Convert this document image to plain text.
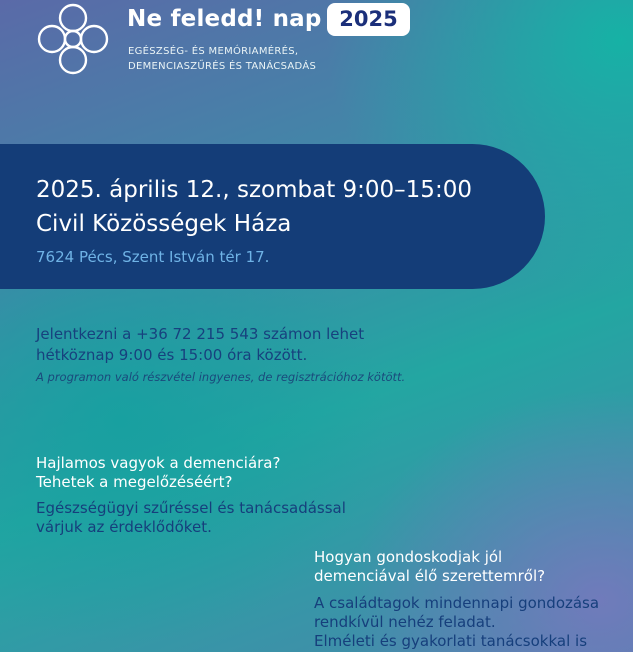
Ne feledd! nap 2025
EGÉSZSÉG- ÉS MEMÓRIAMÉRÉS,
DEMENCIASZŰRÉS ÉS TANÁCSADÁS
2025. április 12., szombat 9:00–15:00
Civil Közösségek Háza
7624 Pécs, Szent István tér 17.
Jelentkezni a +36 72 215 543 számon lehet
hétköznap 9:00 és 15:00 óra között.
A programon való részvétel ingyenes, de regisztrációhoz kötött.
Hajlamos vagyok a demenciára?
Tehetek a megelőzéséért?
Egészségügyi szűréssel és tanácsadással
várjuk az érdeklődőket.
Hogyan gondoskodjak jól
demenciával élő szerettemről?
A családtagok mindennapi gondozása
rendkívül nehéz feladat.
Elméleti és gyakorlati tanácsokkal is
